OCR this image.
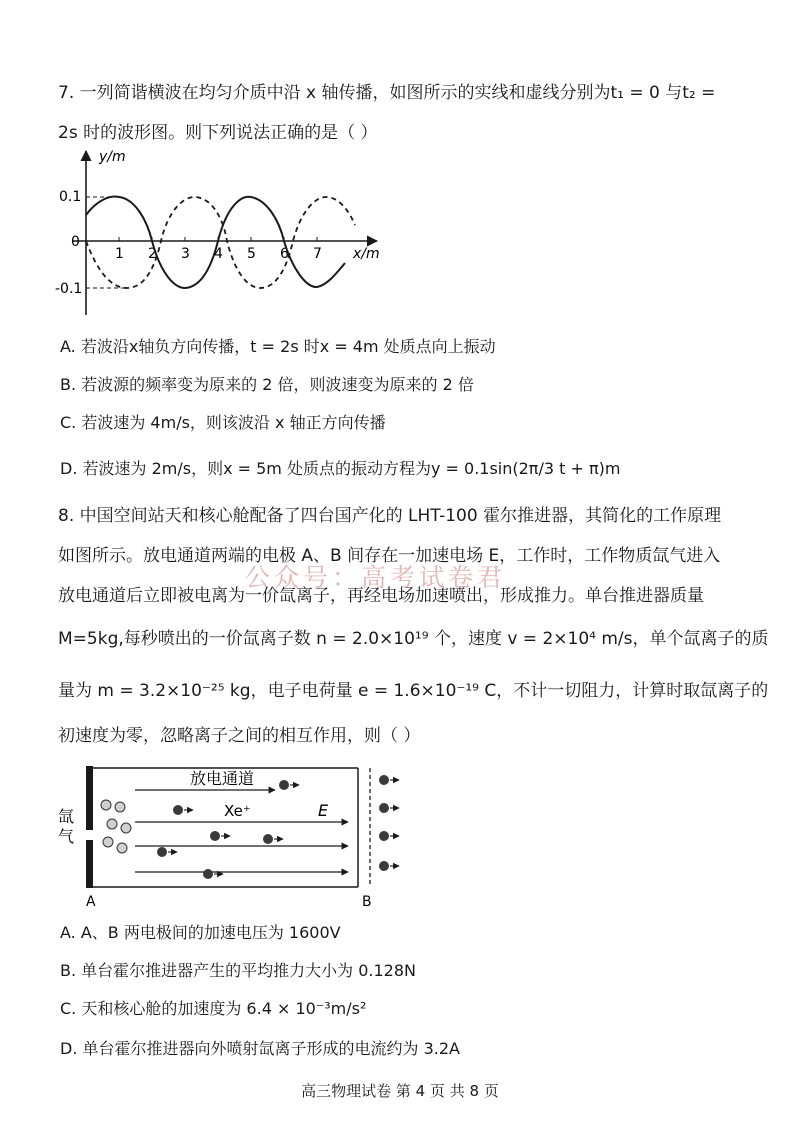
7. 一列简谐横波在均匀介质中沿 x 轴传播，如图所示的实线和虚线分别为t₁ = 0 与t₂ =
2s 时的波形图。则下列说法正确的是（ ）
y/m
x/m
0
0.1
-0.1
1 2 3 4 5 6 7
A. 若波沿x轴负方向传播，t = 2s 时x = 4m 处质点向上振动
B. 若波源的频率变为原来的 2 倍，则波速变为原来的 2 倍
C. 若波速为 4m/s，则该波沿 x 轴正方向传播
D. 若波速为 2m/s，则x = 5m 处质点的振动方程为y = 0.1sin(2π/3 t + π)m
8. 中国空间站天和核心舱配备了四台国产化的 LHT-100 霍尔推进器，其简化的工作原理
如图所示。放电通道两端的电极 A、B 间存在一加速电场 E，工作时，工作物质氙气进入
放电通道后立即被电离为一价氙离子，再经电场加速喷出，形成推力。单台推进器质量
M=5kg,每秒喷出的一价氙离子数 n = 2.0×10¹⁹ 个，速度 v = 2×10⁴ m/s，单个氙离子的质
量为 m = 3.2×10⁻²⁵ kg，电子电荷量 e = 1.6×10⁻¹⁹ C，不计一切阻力，计算时取氙离子的
初速度为零，忽略离子之间的相互作用，则（ ）
公众号：高考试卷君
放电通道
Xe⁺	E
氙
气
A	B
A. A、B 两电极间的加速电压为 1600V
B. 单台霍尔推进器产生的平均推力大小为 0.128N
C. 天和核心舱的加速度为 6.4 × 10⁻³m/s²
D. 单台霍尔推进器向外喷射氙离子形成的电流约为 3.2A
高三物理试卷 第 4 页 共 8 页
